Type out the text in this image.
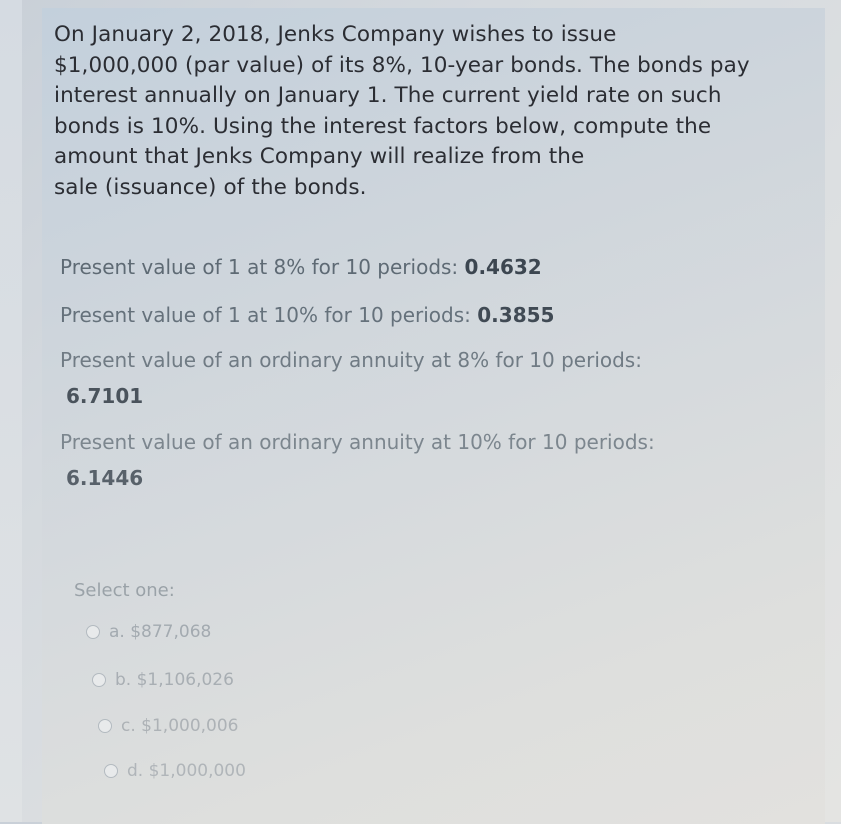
On January 2, 2018, Jenks Company wishes to issue
$1,000,000 (par value) of its 8%, 10-year bonds. The bonds pay
interest annually on January 1. The current yield rate on such
bonds is 10%. Using the interest factors below, compute the
amount that Jenks Company will realize from the
sale (issuance) of the bonds.

Present value of 1 at 8% for 10 periods: 0.4632
Present value of 1 at 10% for 10 periods: 0.3855
Present value of an ordinary annuity at 8% for 10 periods:
6.7101
Present value of an ordinary annuity at 10% for 10 periods:
6.1446
Select one:
a. $877,068
b. $1,106,026
c. $1,000,006
d. $1,000,000
